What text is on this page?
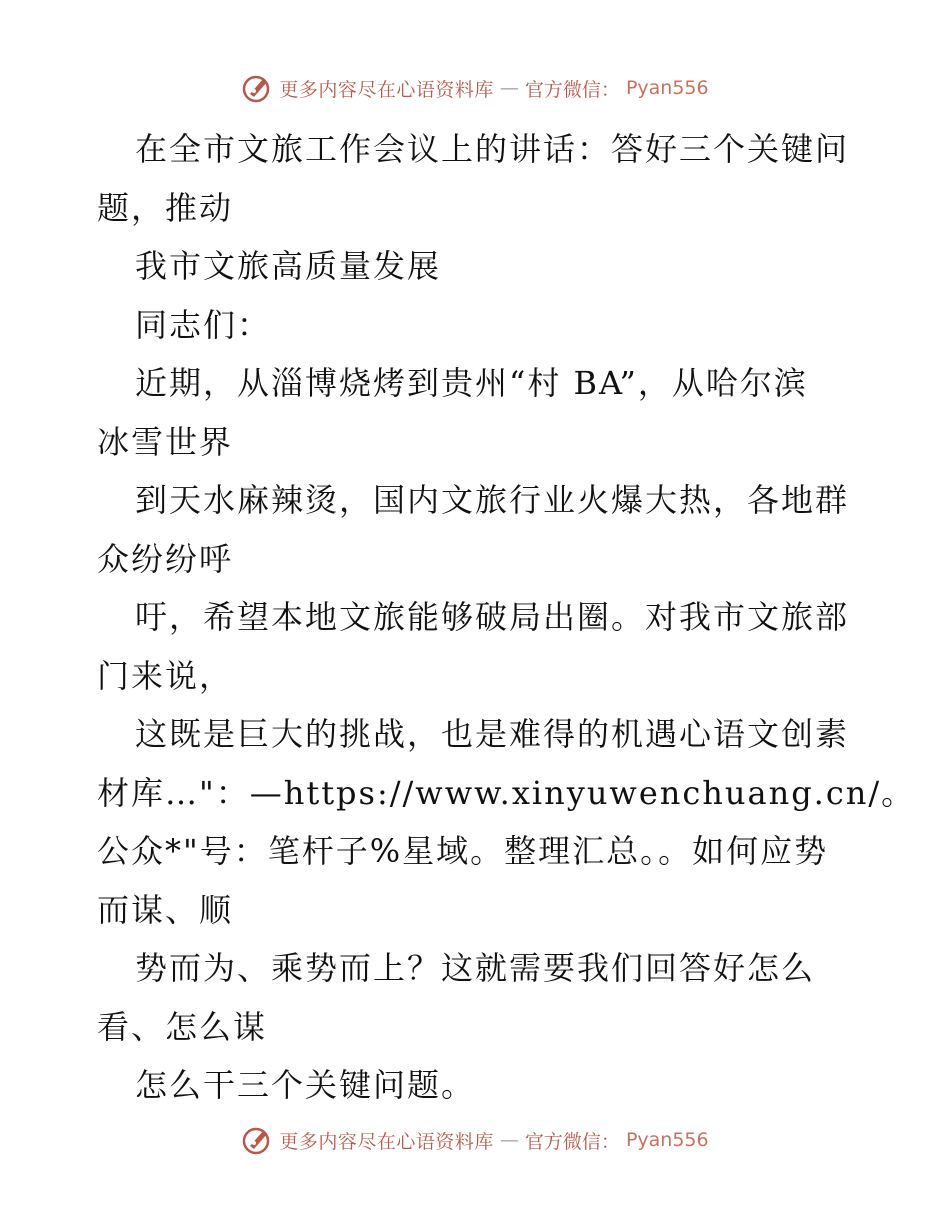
更多内容尽在心语资料库 — 官方微信： Pyan556
在全市文旅工作会议上的讲话：答好三个关键问
题，推动
我市文旅高质量发展
同志们：
近期，从淄博烧烤到贵州“村 BA”，从哈尔滨
冰雪世界
到天水麻辣烫，国内文旅行业火爆大热，各地群
众纷纷呼
吁，希望本地文旅能够破局出圈。对我市文旅部
门来说，
这既是巨大的挑战，也是难得的机遇心语文创素
材库…"：—https://www.xinyuwenchuang.cn/。
公众*"号：笔杆子%星域。整理汇总。。如何应势
而谋、顺
势而为、乘势而上？这就需要我们回答好怎么
看、怎么谋
怎么干三个关键问题。
更多内容尽在心语资料库 — 官方微信： Pyan556
